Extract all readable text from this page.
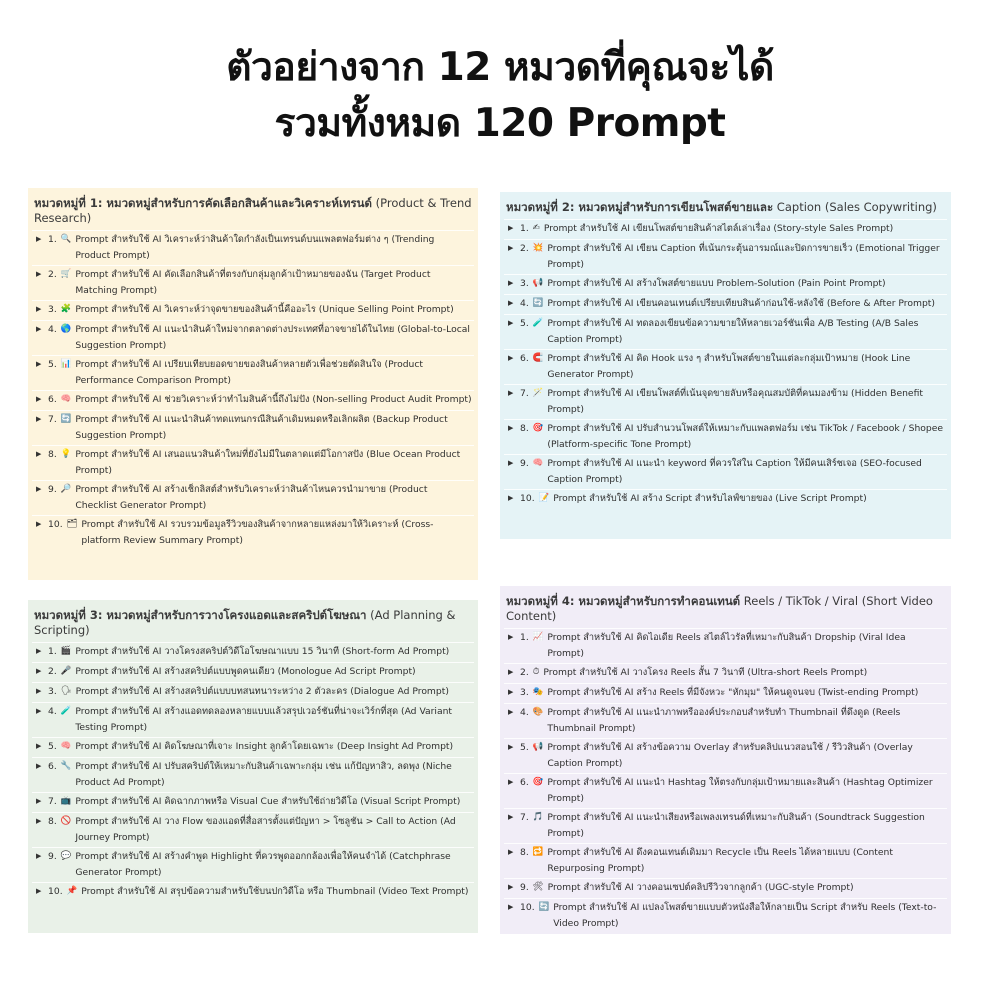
ตัวอย่างจาก 12 หมวดที่คุณจะได้
รวมทั้งหมด 120 Prompt
หมวดหมู่ที่ 1: หมวดหมู่สำหรับการคัดเลือกสินค้าและวิเคราะห์เทรนด์ (Product & Trend Research)
▶ 1. 🔍 Prompt สำหรับใช้ AI วิเคราะห์ว่าสินค้าใดกำลังเป็นเทรนด์บนแพลตฟอร์มต่าง ๆ (Trending Product Prompt)
▶ 2. 🛒 Prompt สำหรับใช้ AI คัดเลือกสินค้าที่ตรงกับกลุ่มลูกค้าเป้าหมายของฉัน (Target Product Matching Prompt)
▶ 3. 🧩 Prompt สำหรับใช้ AI วิเคราะห์ว่าจุดขายของสินค้านี้คืออะไร (Unique Selling Point Prompt)
▶ 4. 🌎 Prompt สำหรับใช้ AI แนะนำสินค้าใหม่จากตลาดต่างประเทศที่อาจขายได้ในไทย (Global-to-Local Suggestion Prompt)
▶ 5. 📊 Prompt สำหรับใช้ AI เปรียบเทียบยอดขายของสินค้าหลายตัวเพื่อช่วยตัดสินใจ (Product Performance Comparison Prompt)
▶ 6. 🧠 Prompt สำหรับใช้ AI ช่วยวิเคราะห์ว่าทำไมสินค้านี้ถึงไม่ปัง (Non-selling Product Audit Prompt)
▶ 7. 🔄 Prompt สำหรับใช้ AI แนะนำสินค้าทดแทนกรณีสินค้าเดิมหมดหรือเลิกผลิต (Backup Product Suggestion Prompt)
▶ 8. 💡 Prompt สำหรับใช้ AI เสนอแนวสินค้าใหม่ที่ยังไม่มีในตลาดแต่มีโอกาสปัง (Blue Ocean Product Prompt)
▶ 9. 🔎 Prompt สำหรับใช้ AI สร้างเช็กลิสต์สำหรับวิเคราะห์ว่าสินค้าไหนควรนำมาขาย (Product Checklist Generator Prompt)
▶ 10. 🗂 Prompt สำหรับใช้ AI รวบรวมข้อมูลรีวิวของสินค้าจากหลายแหล่งมาให้วิเคราะห์ (Cross-platform Review Summary Prompt)
หมวดหมู่ที่ 2: หมวดหมู่สำหรับการเขียนโพสต์ขายและ Caption (Sales Copywriting)
▶ 1. ✍ Prompt สำหรับใช้ AI เขียนโพสต์ขายสินค้าสไตล์เล่าเรื่อง (Story-style Sales Prompt)
▶ 2. 💥 Prompt สำหรับใช้ AI เขียน Caption ที่เน้นกระตุ้นอารมณ์และปิดการขายเร็ว (Emotional Trigger Prompt)
▶ 3. 📢 Prompt สำหรับใช้ AI สร้างโพสต์ขายแบบ Problem-Solution (Pain Point Prompt)
▶ 4. 🔄 Prompt สำหรับใช้ AI เขียนคอนเทนต์เปรียบเทียบสินค้าก่อนใช้-หลังใช้ (Before & After Prompt)
▶ 5. 🧪 Prompt สำหรับใช้ AI ทดลองเขียนข้อความขายให้หลายเวอร์ชันเพื่อ A/B Testing (A/B Sales Caption Prompt)
▶ 6. 🧲 Prompt สำหรับใช้ AI คิด Hook แรง ๆ สำหรับโพสต์ขายในแต่ละกลุ่มเป้าหมาย (Hook Line Generator Prompt)
▶ 7. 🪄 Prompt สำหรับใช้ AI เขียนโพสต์ที่เน้นจุดขายลับหรือคุณสมบัติที่คนมองข้าม (Hidden Benefit Prompt)
▶ 8. 🎯 Prompt สำหรับใช้ AI ปรับสำนวนโพสต์ให้เหมาะกับแพลตฟอร์ม เช่น TikTok / Facebook / Shopee (Platform-specific Tone Prompt)
▶ 9. 🧠 Prompt สำหรับใช้ AI แนะนำ keyword ที่ควรใส่ใน Caption ให้มีคนเสิร์ชเจอ (SEO-focused Caption Prompt)
▶ 10. 📝 Prompt สำหรับใช้ AI สร้าง Script สำหรับไลฟ์ขายของ (Live Script Prompt)
หมวดหมู่ที่ 3: หมวดหมู่สำหรับการวางโครงแอดและสคริปต์โฆษณา (Ad Planning & Scripting)
▶ 1. 🎬 Prompt สำหรับใช้ AI วางโครงสคริปต์วิดีโอโฆษณาแบบ 15 วินาที (Short-form Ad Prompt)
▶ 2. 🎤 Prompt สำหรับใช้ AI สร้างสคริปต์แบบพูดคนเดียว (Monologue Ad Script Prompt)
▶ 3. 🗣 Prompt สำหรับใช้ AI สร้างสคริปต์แบบบทสนทนาระหว่าง 2 ตัวละคร (Dialogue Ad Prompt)
▶ 4. 🧪 Prompt สำหรับใช้ AI สร้างแอดทดลองหลายแบบแล้วสรุปเวอร์ชันที่น่าจะเวิร์กที่สุด (Ad Variant Testing Prompt)
▶ 5. 🧠 Prompt สำหรับใช้ AI คิดโฆษณาที่เจาะ Insight ลูกค้าโดยเฉพาะ (Deep Insight Ad Prompt)
▶ 6. 🔧 Prompt สำหรับใช้ AI ปรับสคริปต์ให้เหมาะกับสินค้าเฉพาะกลุ่ม เช่น แก้ปัญหาสิว, ลดพุง (Niche Product Ad Prompt)
▶ 7. 📺 Prompt สำหรับใช้ AI คิดฉากภาพหรือ Visual Cue สำหรับใช้ถ่ายวิดีโอ (Visual Script Prompt)
▶ 8. 🚫 Prompt สำหรับใช้ AI วาง Flow ของแอดที่สื่อสารตั้งแต่ปัญหา > โซลูชัน > Call to Action (Ad Journey Prompt)
▶ 9. 💬 Prompt สำหรับใช้ AI สร้างคำพูด Highlight ที่ควรพูดออกกล้องเพื่อให้คนจำได้ (Catchphrase Generator Prompt)
▶ 10. 📌 Prompt สำหรับใช้ AI สรุปข้อความสำหรับใช้บนปกวิดีโอ หรือ Thumbnail (Video Text Prompt)
หมวดหมู่ที่ 4: หมวดหมู่สำหรับการทำคอนเทนต์ Reels / TikTok / Viral (Short Video Content)
▶ 1. 📈 Prompt สำหรับใช้ AI คิดไอเดีย Reels สไตล์ไวรัลที่เหมาะกับสินค้า Dropship (Viral Idea Prompt)
▶ 2. ⏱ Prompt สำหรับใช้ AI วางโครง Reels สั้น 7 วินาที (Ultra-short Reels Prompt)
▶ 3. 🎭 Prompt สำหรับใช้ AI สร้าง Reels ที่มีจังหวะ "หักมุม" ให้คนดูจนจบ (Twist-ending Prompt)
▶ 4. 🎨 Prompt สำหรับใช้ AI แนะนำภาพหรือองค์ประกอบสำหรับทำ Thumbnail ที่ดึงดูด (Reels Thumbnail Prompt)
▶ 5. 📢 Prompt สำหรับใช้ AI สร้างข้อความ Overlay สำหรับคลิปแนวสอนใช้ / รีวิวสินค้า (Overlay Caption Prompt)
▶ 6. 🎯 Prompt สำหรับใช้ AI แนะนำ Hashtag ให้ตรงกับกลุ่มเป้าหมายและสินค้า (Hashtag Optimizer Prompt)
▶ 7. 🎵 Prompt สำหรับใช้ AI แนะนำเสียงหรือเพลงเทรนด์ที่เหมาะกับสินค้า (Soundtrack Suggestion Prompt)
▶ 8. 🔁 Prompt สำหรับใช้ AI ดึงคอนเทนต์เดิมมา Recycle เป็น Reels ได้หลายแบบ (Content Repurposing Prompt)
▶ 9. 🛠 Prompt สำหรับใช้ AI วางคอนเซปต์คลิปรีวิวจากลูกค้า (UGC-style Prompt)
▶ 10. 🔄 Prompt สำหรับใช้ AI แปลงโพสต์ขายแบบตัวหนังสือให้กลายเป็น Script สำหรับ Reels (Text-to-Video Prompt)
